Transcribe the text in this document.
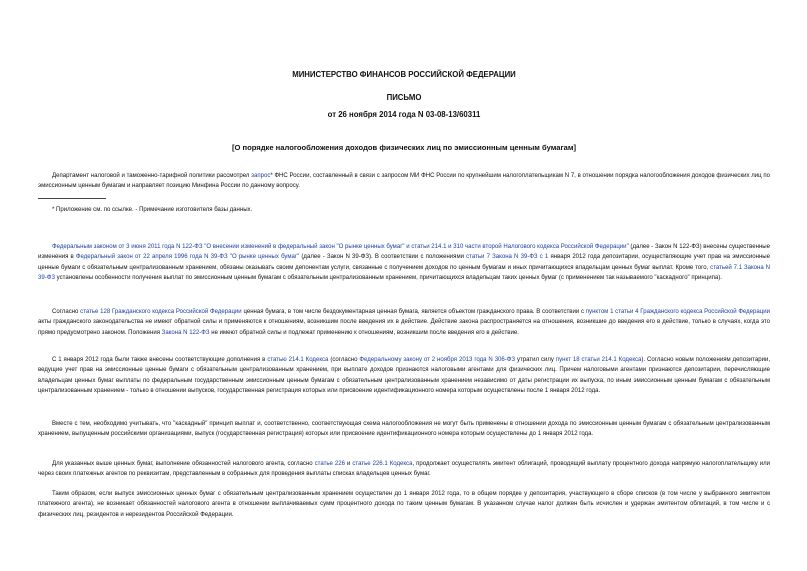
МИНИСТЕРСТВО ФИНАНСОВ РОССИЙСКОЙ ФЕДЕРАЦИИ
ПИСЬМО
от 26 ноября 2014 года N 03-08-13/60311
[О порядке налогообложения доходов физических лиц по эмиссионным ценным бумагам]

Департамент налоговой и таможенно-тарифной политики рассмотрел запрос* ФНС России, составленный в связи с запросом МИ ФНС России по крупнейшим налогоплательщикам N 7, в отношении порядка налогообложения доходов физических лиц по эмиссионным ценным бумагам и направляет позицию Минфина России по данному вопросу.

* Приложение см. по ссылке. - Примечание изготовителя базы данных.

Федеральным законом от 3 июня 2011 года N 122-ФЗ "О внесении изменений в федеральный закон "О рынке ценных бумаг" и статьи 214.1 и 310 части второй Налогового кодекса Российской Федерации" (далее - Закон N 122-ФЗ) внесены существенные изменения в Федеральный закон от 22 апреля 1996 года N 39-ФЗ "О рынке ценных бумаг" (далее - Закон N 39-ФЗ). В соответствии с положениями статьи 7 Закона N 39-ФЗ с 1 января 2012 года депозитарии, осуществляющие учет прав на эмиссионные ценные бумаги с обязательным централизованным хранением, обязаны оказывать своим депонентам услуги, связанные с получением доходов по ценным бумагам и иных причитающихся владельцам ценных бумаг выплат. Кроме того, статьей 7.1 Закона N 39-ФЗ установлены особенности получения выплат по эмиссионным ценным бумагам с обязательным централизованным хранением, причитающихся владельцам таких ценных бумаг (с применением так называемого "каскадного" принципа).

Согласно статье 128 Гражданского кодекса Российской Федерации ценная бумага, в том числе бездокументарная ценная бумага, является объектом гражданского права. В соответствии с пунктом 1 статьи 4 Гражданского кодекса Российской Федерации акты гражданского законодательства не имеют обратной силы и применяются к отношениям, возникшим после введения их в действие. Действие закона распространяется на отношения, возникшие до введения его в действие, только в случаях, когда это прямо предусмотрено законом. Положения Закона N 122-ФЗ не имеют обратной силы и подлежат применению к отношениям, возникшим после введения его в действие.

С 1 января 2012 года были также внесены соответствующие дополнения в статью 214.1 Кодекса (согласно Федеральному закону от 2 ноября 2013 года N 306-ФЗ утратил силу пункт 18 статьи 214.1 Кодекса). Согласно новым положениям депозитарии, ведущие учет прав на эмиссионные ценные бумаги с обязательным централизованным хранением, при выплате доходов признаются налоговыми агентами для физических лиц. Причем налоговыми агентами признаются депозитарии, перечисляющие владельцам ценных бумаг выплаты по федеральным государственным эмиссионным ценным бумагам с обязательным централизованным хранением независимо от даты регистрации их выпуска, по иным эмиссионным ценным бумагам с обязательным централизованным хранением - только в отношении выпусков, государственная регистрация которых или присвоение идентификационного номера которым осуществлены после 1 января 2012 года.

Вместе с тем, необходимо учитывать, что "каскадный" принцип выплат и, соответственно, соответствующая схема налогообложения не могут быть применены в отношении дохода по эмиссионным ценным бумагам с обязательным централизованным хранением, выпущенным российскими организациями, выпуск (государственная регистрация) которых или присвоение идентификационного номера которым осуществлены до 1 января 2012 года.

Для указанных выше ценных бумаг, выполнение обязанностей налогового агента, согласно статье 226 и статье 226.1 Кодекса, продолжает осуществлять эмитент облигаций, проводящий выплату процентного дохода напрямую налогоплательщику или через своих платежных агентов по реквизитам, представленным в собранных для проведения выплаты списках владельцев ценных бумаг.

Таким образом, если выпуск эмиссионных ценных бумаг с обязательным централизованным хранением осуществлен до 1 января 2012 года, то в общем порядке у депозитария, участвующего в сборе списков (в том числе у выбранного эмитентом платежного агента), не возникает обязанностей налогового агента в отношении выплачиваемых сумм процентного дохода по таким ценным бумагам. В указанном случае налог должен быть исчислен и удержан эмитентом облигаций, в том числе и с физических лиц, резидентов и нерезидентов Российской Федерации.
